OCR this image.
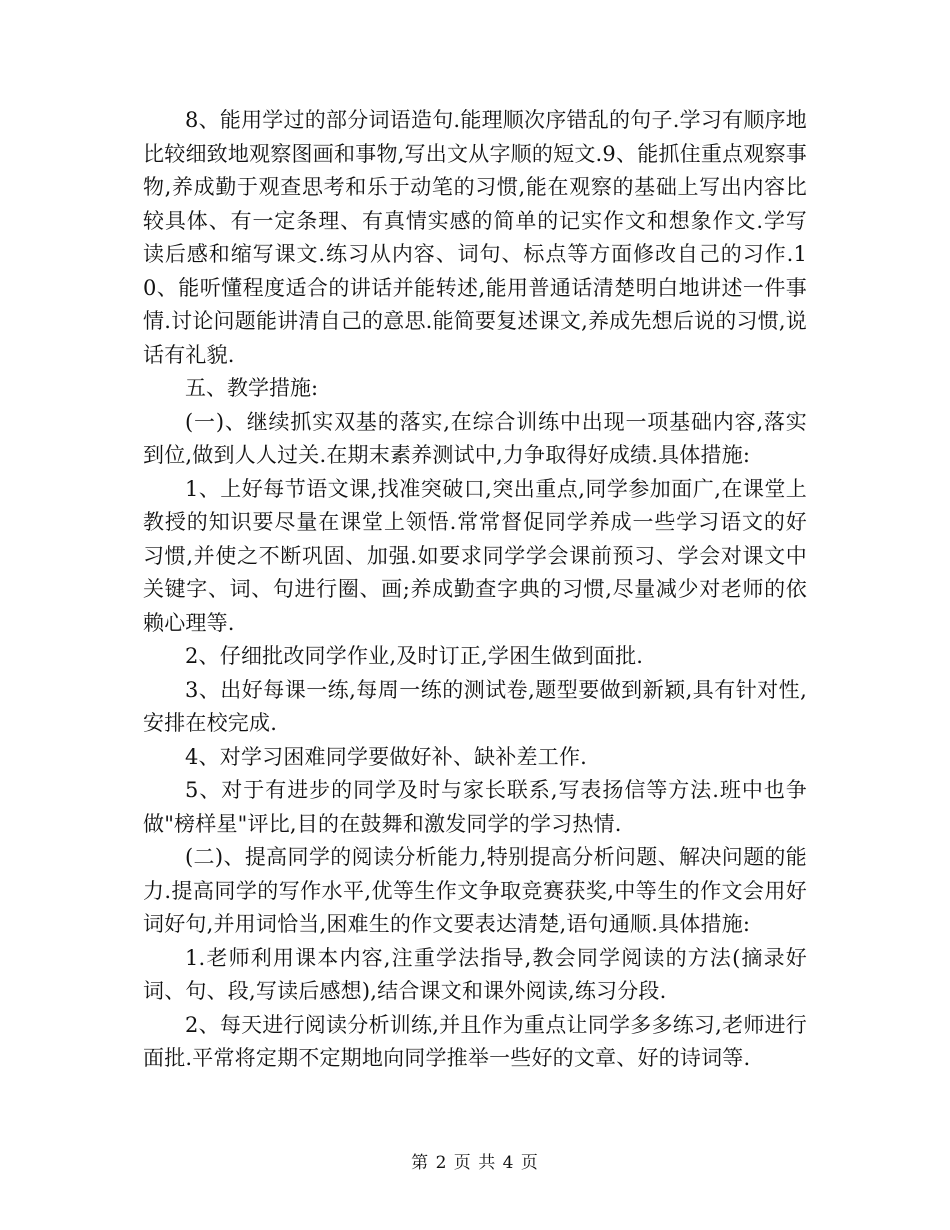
8、能用学过的部分词语造句.能理顺次序错乱的句子.学习有顺序地比较细致地观察图画和事物,写出文从字顺的短文.9、能抓住重点观察事物,养成勤于观查思考和乐于动笔的习惯,能在观察的基础上写出内容比较具体、有一定条理、有真情实感的简单的记实作文和想象作文.学写读后感和缩写课文.练习从内容、词句、标点等方面修改自己的习作.10、能听懂程度适合的讲话并能转述,能用普通话清楚明白地讲述一件事情.讨论问题能讲清自己的意思.能简要复述课文,养成先想后说的习惯,说话有礼貌.

五、教学措施:

(一)、继续抓实双基的落实,在综合训练中出现一项基础内容,落实到位,做到人人过关.在期末素养测试中,力争取得好成绩.具体措施:

1、上好每节语文课,找准突破口,突出重点,同学参加面广,在课堂上教授的知识要尽量在课堂上领悟.常常督促同学养成一些学习语文的好习惯,并使之不断巩固、加强.如要求同学学会课前预习、学会对课文中关键字、词、句进行圈、画;养成勤查字典的习惯,尽量减少对老师的依赖心理等.

2、仔细批改同学作业,及时订正,学困生做到面批.

3、出好每课一练,每周一练的测试卷,题型要做到新颖,具有针对性,安排在校完成.

4、对学习困难同学要做好补、缺补差工作.

5、对于有进步的同学及时与家长联系,写表扬信等方法.班中也争做"榜样星"评比,目的在鼓舞和激发同学的学习热情.

(二)、提高同学的阅读分析能力,特别提高分析问题、解决问题的能力.提高同学的写作水平,优等生作文争取竞赛获奖,中等生的作文会用好词好句,并用词恰当,困难生的作文要表达清楚,语句通顺.具体措施:

1.老师利用课本内容,注重学法指导,教会同学阅读的方法(摘录好词、句、段,写读后感想),结合课文和课外阅读,练习分段.

2、每天进行阅读分析训练,并且作为重点让同学多多练习,老师进行面批.平常将定期不定期地向同学推举一些好的文章、好的诗词等.

第 2 页 共 4 页
